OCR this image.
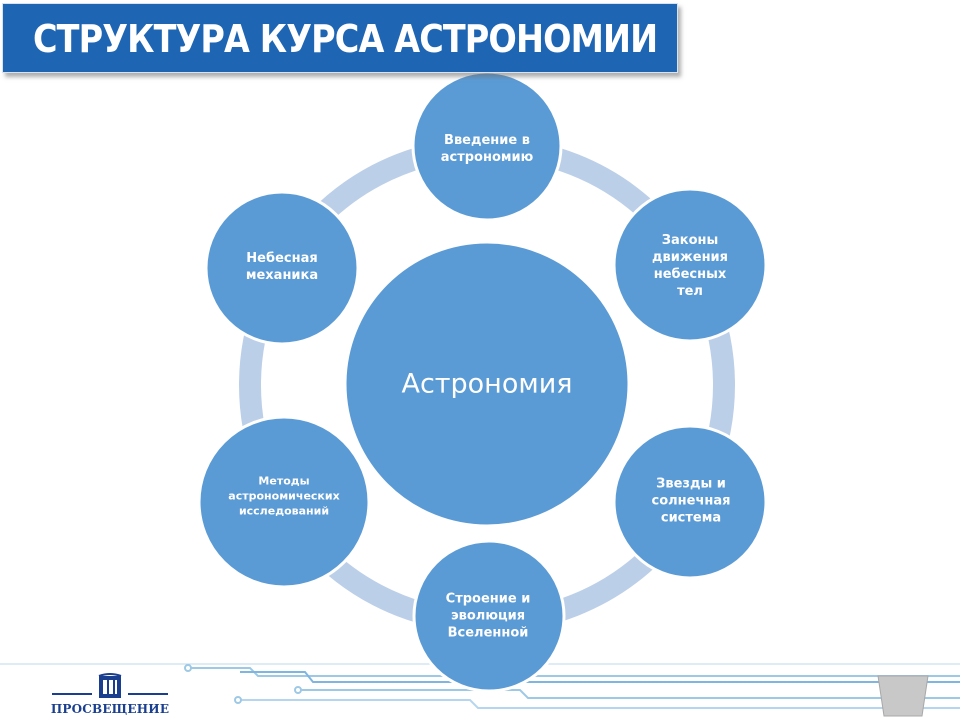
СТРУКТУРА КУРСА АСТРОНОМИИ
Астрономия
Введение в астрономию
Законы движения небесных тел
Звезды и солнечная система
Строение и эволюция Вселенной
Методы астрономических исследований
Небесная механика
ПРОСВЕЩЕНИЕ
